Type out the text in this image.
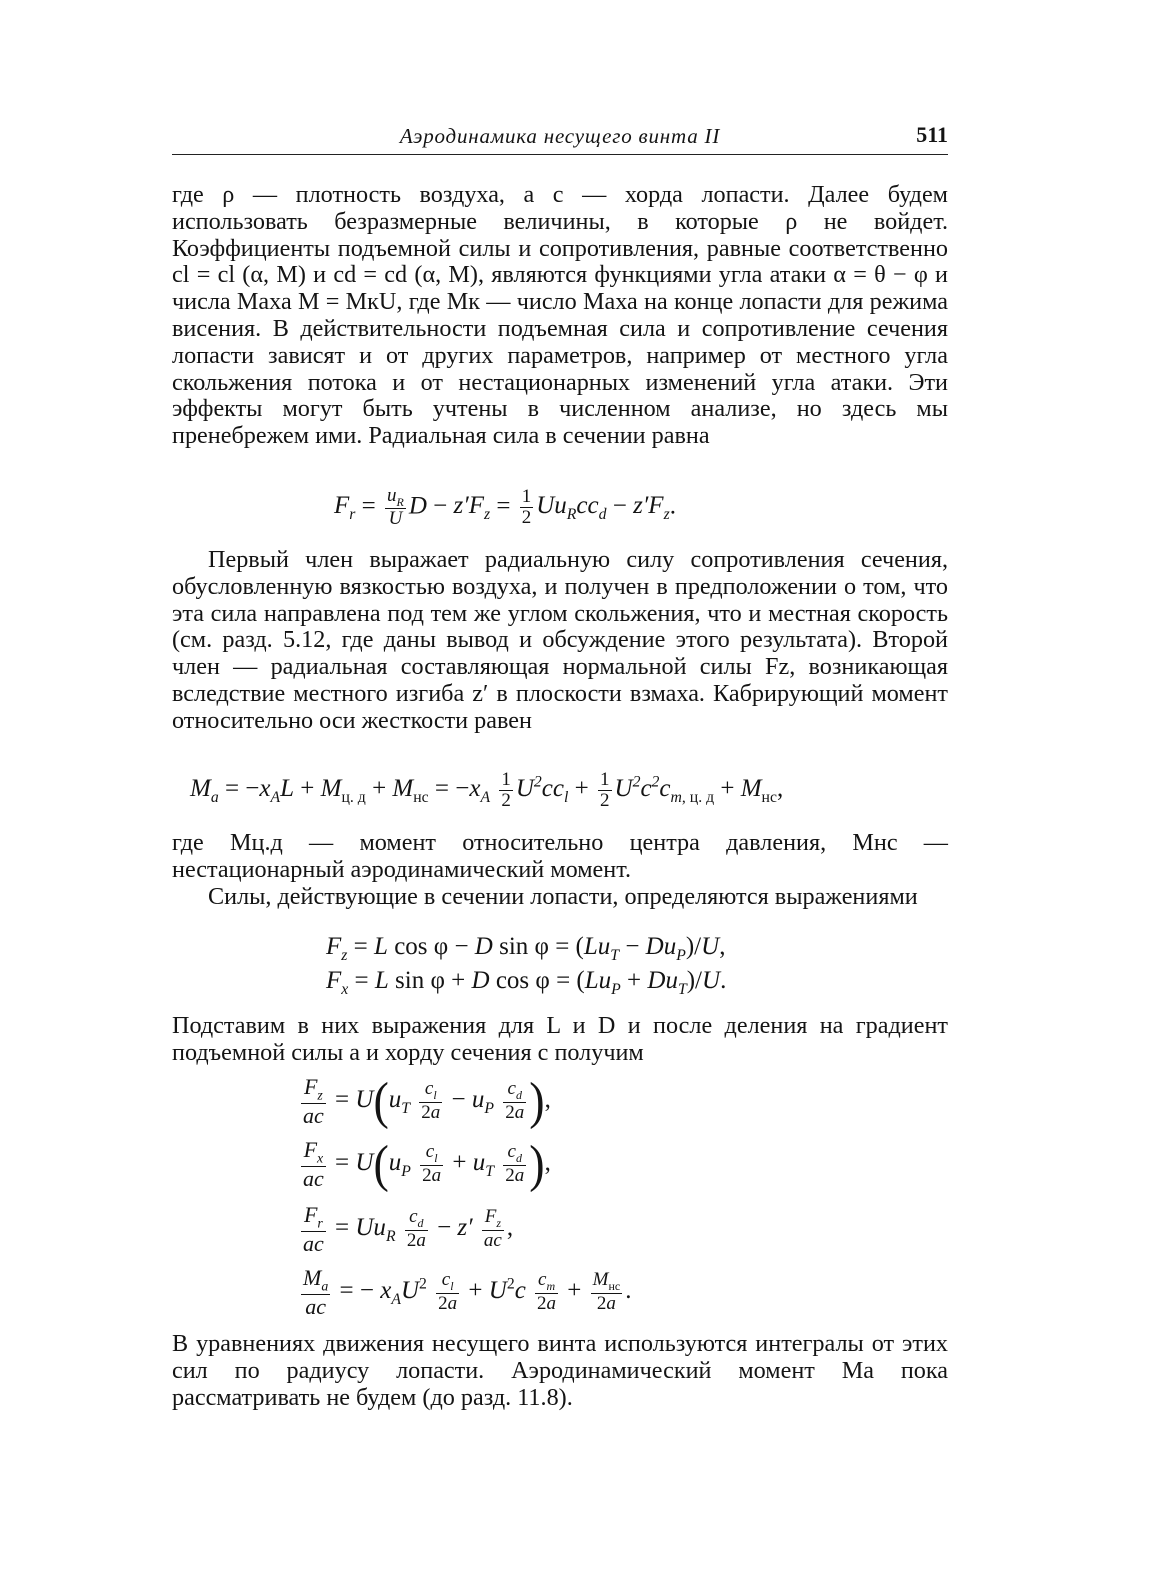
Аэродинамика несущего винта II	511

где ρ — плотность воздуха, а c — хорда лопасти. Далее будем использовать безразмерные величины, в которые ρ не войдет. Коэффициенты подъемной силы и сопротивления, равные соответственно cl = cl (α, M) и cd = cd (α, M), являются функциями угла атаки α = θ − φ и числа Маха M = MкU, где Mк — число Маха на конце лопасти для режима висения. В действительности подъемная сила и сопротивление сечения лопасти зависят и от других параметров, например от местного угла скольжения потока и от нестационарных изменений угла атаки. Эти эффекты могут быть учтены в численном анализе, но здесь мы пренебрежем ими. Радиальная сила в сечении равна

$F_r = \frac{u_R}{U}$ $D - z'F_z = \frac{1}{2} Uu_Rcc_d - z'F_z$.

Первый член выражает радиальную силу сопротивления сечения, обусловленную вязкостью воздуха, и получен в предположении о том, что эта сила направлена под тем же углом скольжения, что и местная скорость (см. разд. 5.12, где даны вывод и обсуждение этого результата). Второй член — радиальная составляющая нормальной силы Fz, возникающая вследствие местного изгиба z′ в плоскости взмаха. Кабрирующий момент относительно оси жесткости равен

$M_a = -x_AL + M_{ц. д} + M_{нс} = -x_A \frac{1}{2} U^2cc_l + \frac{1}{2} U^2c^2c_{m, ц. д} + M_{нс}$,

где Mц.д — момент относительно центра давления, Mнс — нестационарный аэродинамический момент.

Силы, действующие в сечении лопасти, определяются выражениями

$F_z = L$ cos φ − D $\sin \varphi = (Lu_T - Du_P)/U$,
$F_x = L$ sin φ + D $\cos \varphi = (Lu_P + Du_T)/U$.

Подставим в них выражения для L и D и после деления на градиент подъемной силы a и хорду сечения c получим

$\frac{F_z}{ac} = U(u_T \frac{c_l}{2a} - u_P \frac{c_d}{2a}$ ),
$\frac{F_x}{ac} = U(u_P \frac{c_l}{2a} + u_T \frac{c_d}{2a}$ ),
$\frac{F_r}{ac} = Uu_R \frac{c_d}{2a} - z' \frac{F_z}{ac}$ ,
$\frac{M_a}{ac}$ = − $x_AU^2 \frac{c_l}{2a} + U^2c \frac{c_m}{2a} + \frac{M_{нс}}{2a}$ .

В уравнениях движения несущего винта используются интегралы от этих сил по радиусу лопасти. Аэродинамический момент Ma пока рассматривать не будем (до разд. 11.8).
